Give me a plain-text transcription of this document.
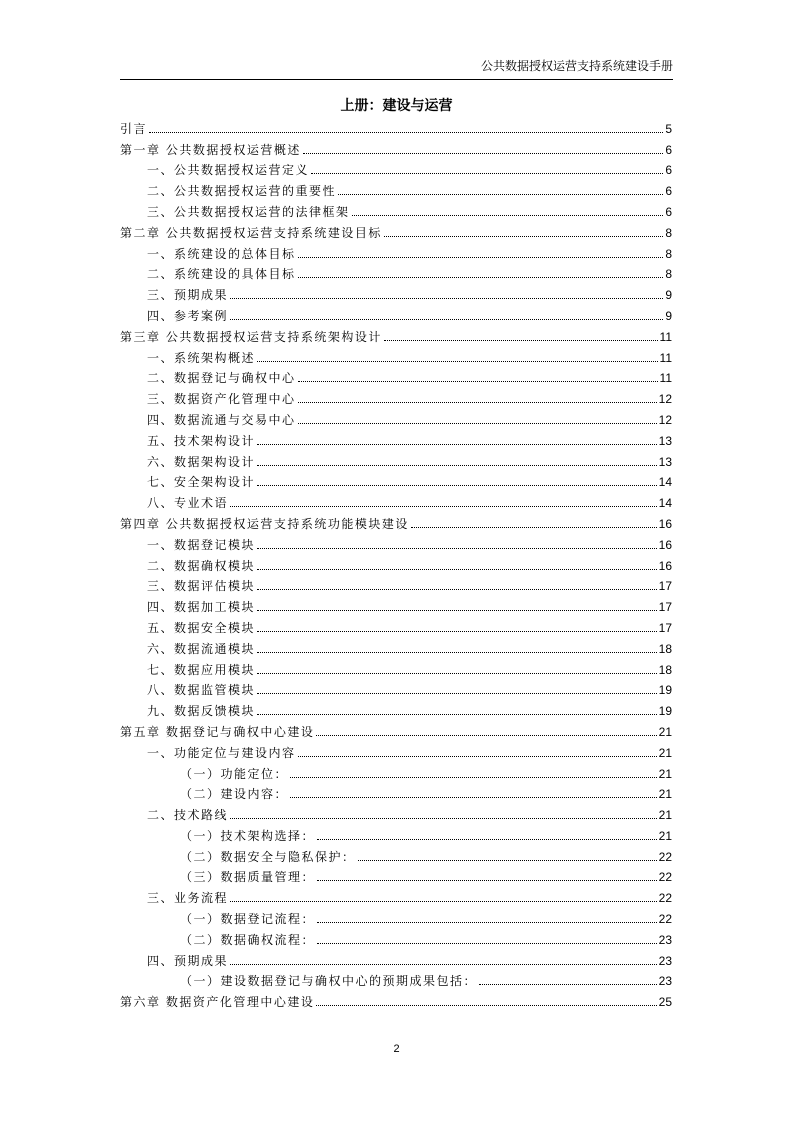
公共数据授权运营支持系统建设手册
上册：建设与运营
引言	5
第一章 公共数据授权运营概述	6
一、公共数据授权运营定义	6
二、公共数据授权运营的重要性	6
三、公共数据授权运营的法律框架	6
第二章 公共数据授权运营支持系统建设目标	8
一、系统建设的总体目标	8
二、系统建设的具体目标	8
三、预期成果	9
四、参考案例	9
第三章 公共数据授权运营支持系统架构设计	11
一、系统架构概述	11
二、数据登记与确权中心	11
三、数据资产化管理中心	12
四、数据流通与交易中心	12
五、技术架构设计	13
六、数据架构设计	13
七、安全架构设计	14
八、专业术语	14
第四章 公共数据授权运营支持系统功能模块建设	16
一、数据登记模块	16
二、数据确权模块	16
三、数据评估模块	17
四、数据加工模块	17
五、数据安全模块	17
六、数据流通模块	18
七、数据应用模块	18
八、数据监管模块	19
九、数据反馈模块	19
第五章 数据登记与确权中心建设	21
一、功能定位与建设内容	21
（一）功能定位：	21
（二）建设内容：	21
二、技术路线	21
（一）技术架构选择：	21
（二）数据安全与隐私保护：	22
（三）数据质量管理：	22
三、业务流程	22
（一）数据登记流程：	22
（二）数据确权流程：	23
四、预期成果	23
（一）建设数据登记与确权中心的预期成果包括：	23
第六章 数据资产化管理中心建设	25
2
